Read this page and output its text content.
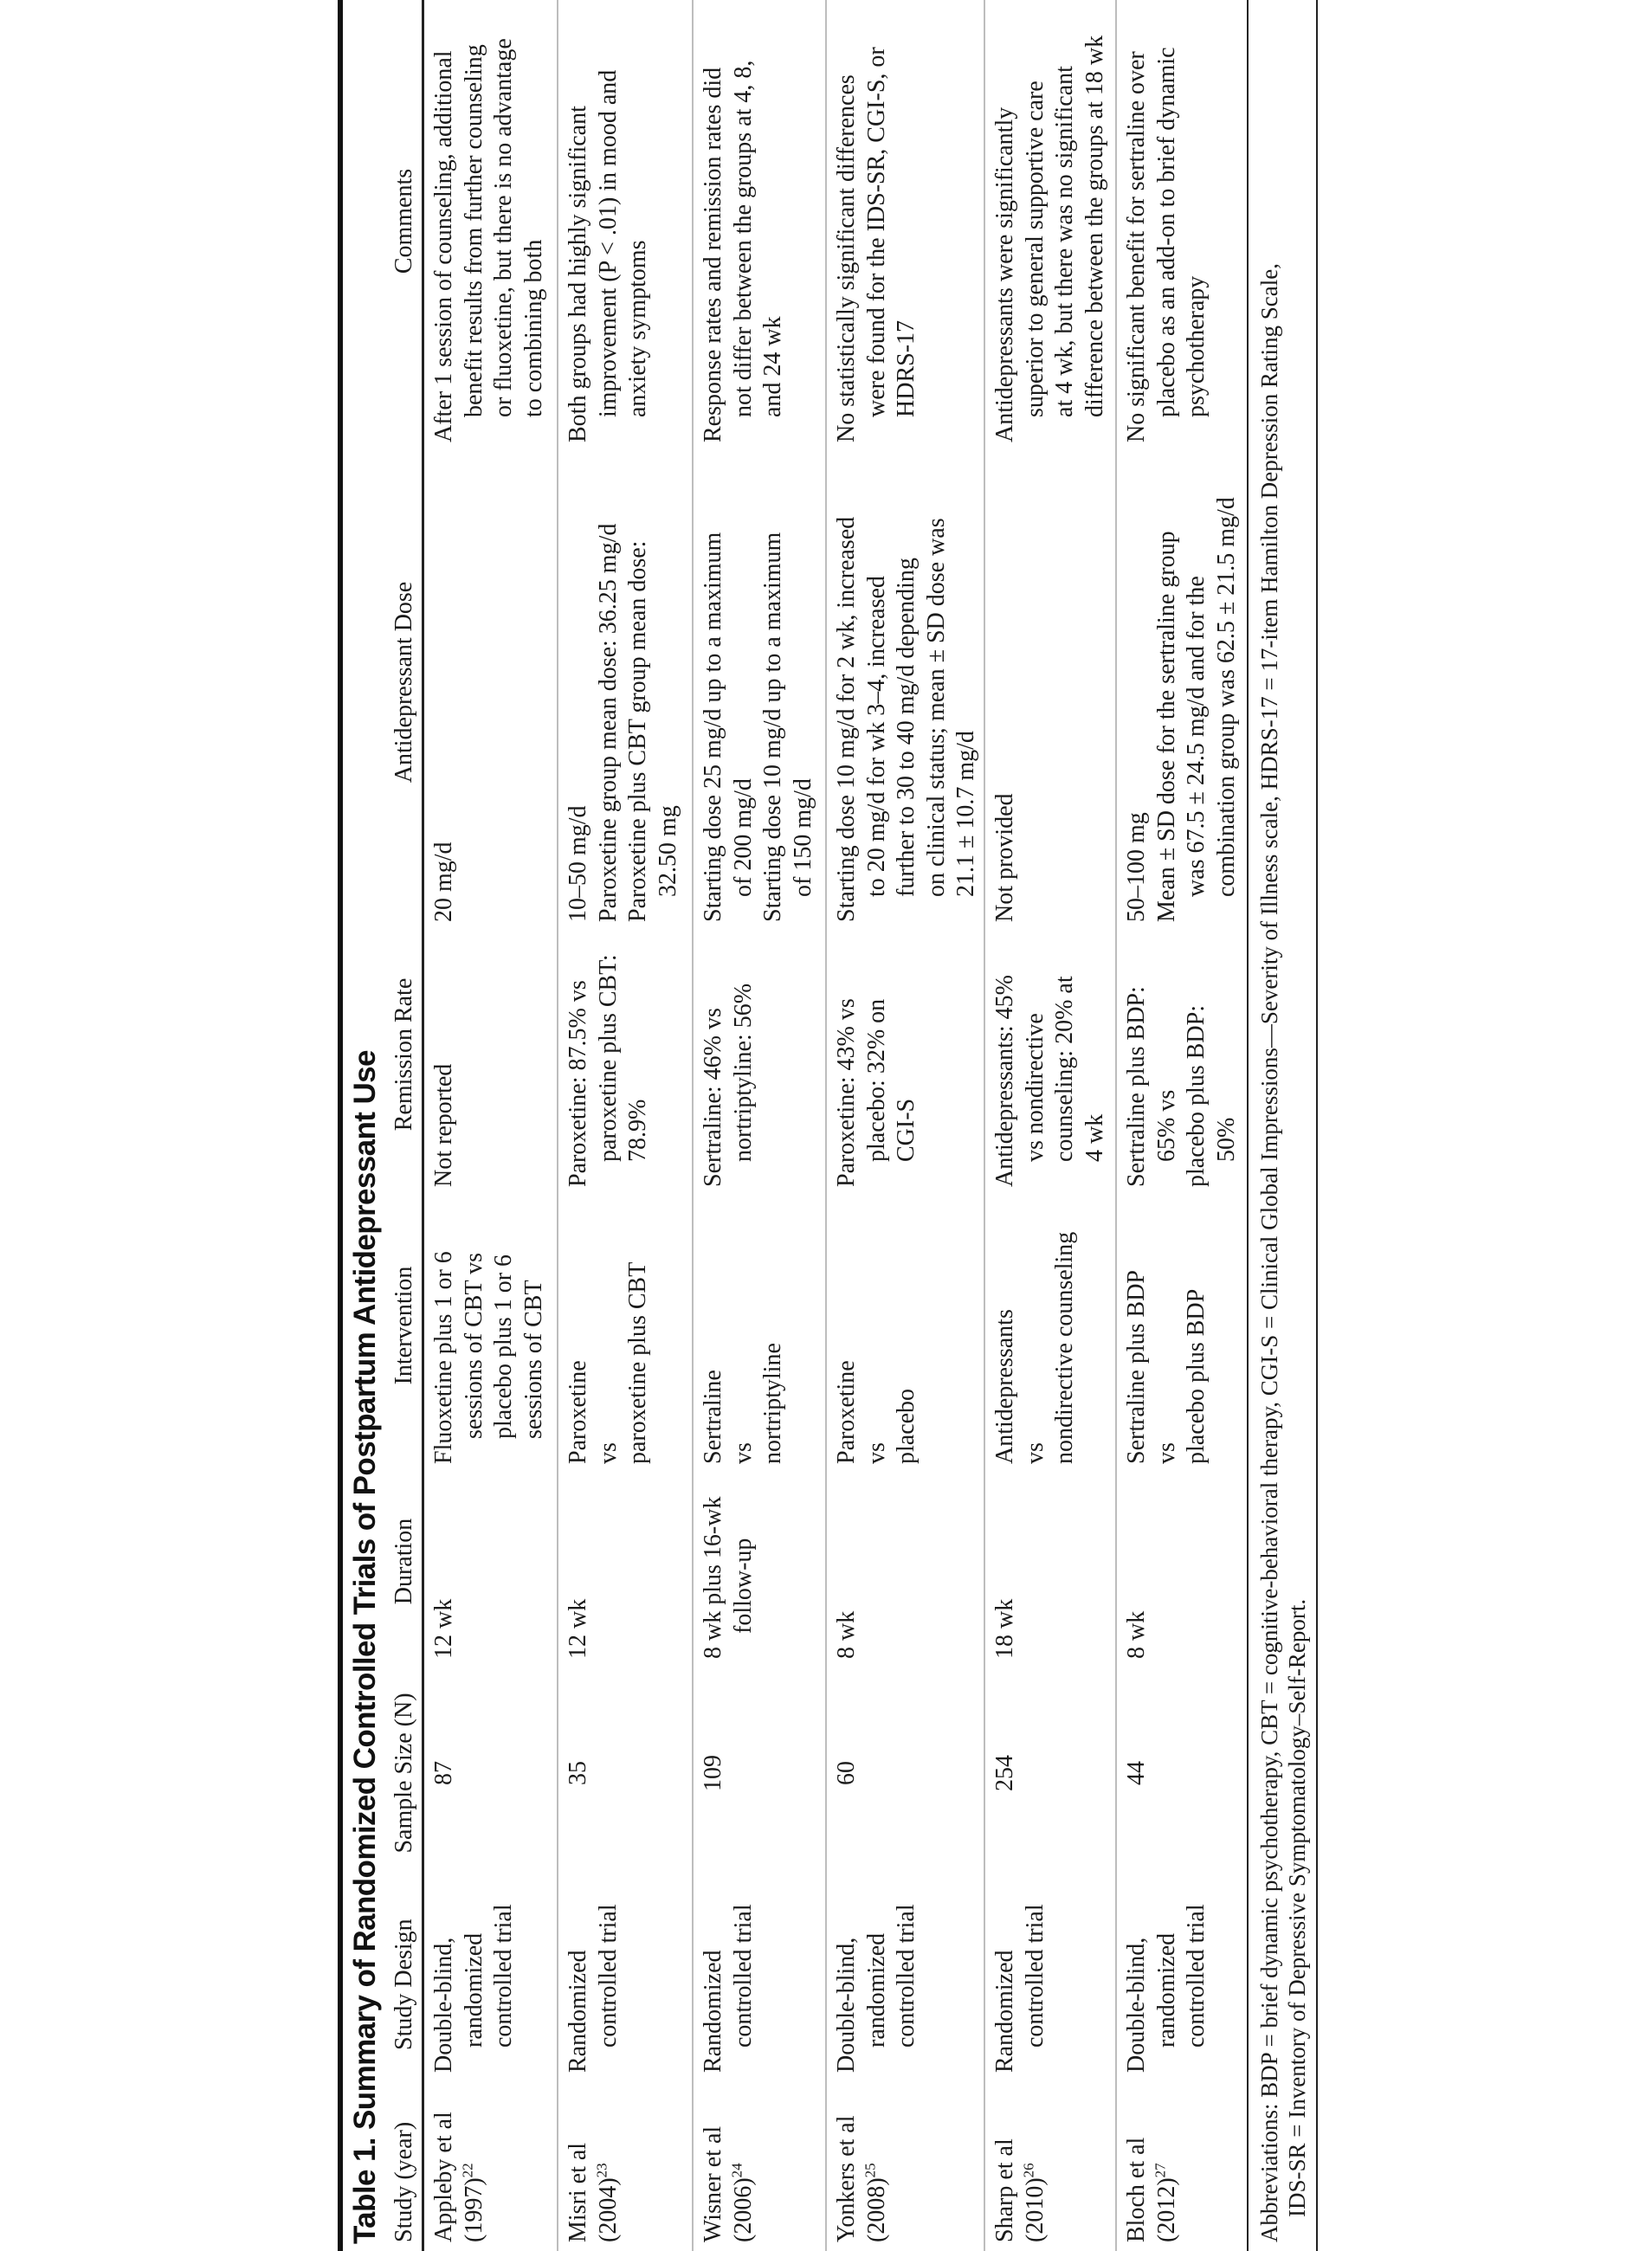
Table 1. Summary of Randomized Controlled Trials of Postpartum Antidepressant Use Study (year)
Study Design
Sample Size (N)
Duration
Intervention
Remission Rate
Antidepressant Dose
Comments
Appleby et al $(1997)^{22}$
87
Double-blind, randomized controlled trial
12 wk
Fluoxetine plus 1 or 6 sessions of CBT vs placebo plus 1 or 6 sessions of CBT
Not reported
20 mg/d
After 1 session of counseling, additional benefit results from further counseling or fluoxetine, but there is no advantage to combining both
Misri et al $(2004)^{23}$
35
Randomized controlled trial
12 wk
Paroxetine vs paroxetine plus CBT
Paroxetine: 87.5% vs paroxetine plus CBT: 78.9%
10–50 mg/d Paroxetine group mean dose: 36.25 mg/d Paroxetine plus CBT group mean dose: 32.50 mg
Both groups had highly significant improvement (P < .01) in mood and anxiety symptoms
Wisner et al $(2006)^{24}$
109
Randomized controlled trial
8 wk plus 16-wk follow-up
Sertraline vs nortriptyline
Sertraline: 46% vs nortriptyline: 56%
Starting dose 25 mg/d up to a maximum of 200 mg/d Starting dose 10 mg/d up to a maximum of 150 mg/d
Response rates and remission rates did not differ between the groups at 4, 8, and 24 wk
Yonkers et al $(2008)^{25}$
60
Double-blind, randomized controlled trial
8 wk
Paroxetine vs placebo
Paroxetine: 43% vs placebo: 32% on CGI-S
Starting dose 10 mg/d for 2 wk, increased to 20 mg/d for wk 3–4, increased further to 30 to 40 mg/d depending on clinical status; mean ± SD dose was 21.1 ± 10.7 mg/d
No statistically significant differences were found for the IDS-SR, CGI-S, or HDRS-17
Sharp et al $(2010)^{26}$
254
Randomized controlled trial
18 wk
Antidepressants vs nondirective counseling
Antidepressants: 45% vs nondirective counseling: 20% at 4 wk
Not provided
Antidepressants were significantly superior to general supportive care at 4 wk, but there was no significant difference between the groups at 18 wk
Bloch et al $(2012)^{27}$
44
Double-blind, randomized controlled trial
8 wk
Sertraline plus BDP vs placebo plus BDP
Sertraline plus BDP: 65% vs placebo plus BDP: 50%
50–100 mg Mean ± SD dose for the sertraline group was 67.5 ± 24.5 mg/d and for the combination group was 62.5 ± 21.5 mg/d
No significant benefit for sertraline over placebo as an add-on to brief dynamic psychotherapy Abbreviations: BDP = brief dynamic psychotherapy, CBT = cognitive-behavioral therapy, CGI-S = Clinical Global Impressions—Severity of Illness scale, HDRS-17 = 17-item Hamilton Depression Rating Scale, IDS-SR = Inventory of Depressive Symptomatology–Self-Report.
